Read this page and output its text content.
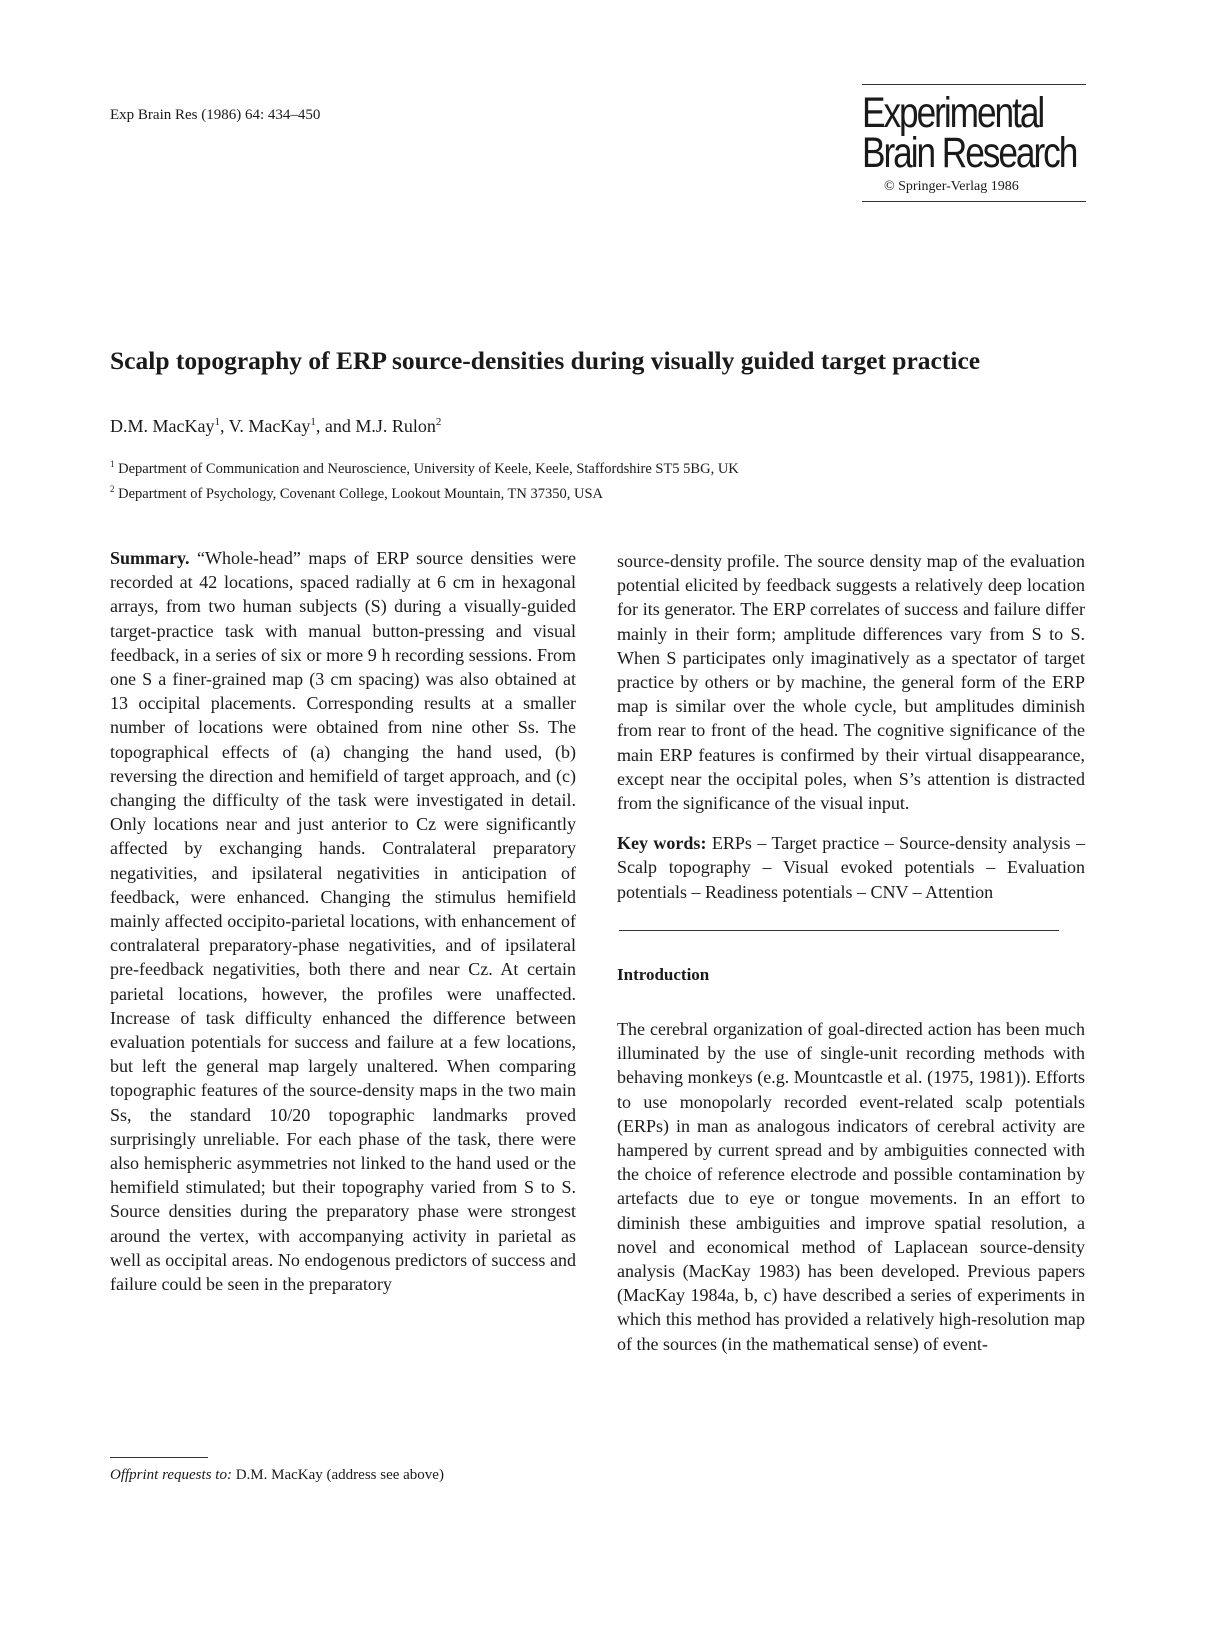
Exp Brain Res (1986) 64: 434–450	Experimental
Brain Research
© Springer-Verlag 1986
Scalp topography of ERP source-densities during visually guided target practice
D.M. MacKay$^1$, V. MacKay$^1$, and M.J. Rulon$^2$
$^1$ Department of Communication and Neuroscience, University of Keele, Keele, Staffordshire ST5 5BG, UK
$^2$ Department of Psychology, Covenant College, Lookout Mountain, TN 37350, USA

Summary. “Whole-head” maps of ERP source densities were recorded at 42 locations, spaced radially at 6 cm in hexagonal arrays, from two human subjects (S) during a visually-guided target-practice task with manual button-pressing and visual feedback, in a series of six or more 9 h recording sessions. From one S a finer-grained map (3 cm spacing) was also obtained at 13 occipital placements. Corresponding results at a smaller number of locations were obtained from nine other Ss. The topographical effects of (a) changing the hand used, (b) reversing the direction and hemifield of target approach, and (c) changing the difficulty of the task were investigated in detail. Only locations near and just anterior to Cz were significantly affected by exchanging hands. Contralateral preparatory negativities, and ipsilateral negativities in anticipation of feedback, were enhanced. Changing the stimulus hemifield mainly affected occipito-parietal locations, with enhancement of contralateral preparatory-phase negativities, and of ipsilateral pre-feedback negativities, both there and near Cz. At certain parietal locations, however, the profiles were unaffected. Increase of task difficulty enhanced the difference between evaluation potentials for success and failure at a few locations, but left the general map largely unaltered. When comparing topographic features of the source-density maps in the two main Ss, the standard 10/20 topographic landmarks proved surprisingly unreliable. For each phase of the task, there were also hemispheric asymmetries not linked to the hand used or the hemifield stimulated; but their topography varied from S to S. Source densities during the preparatory phase were strongest around the vertex, with accompanying activity in parietal as well as occipital areas. No endogenous predictors of success and failure could be seen in the preparatory

source-density profile. The source density map of the evaluation potential elicited by feedback suggests a relatively deep location for its generator. The ERP correlates of success and failure differ mainly in their form; amplitude differences vary from S to S. When S participates only imaginatively as a spectator of target practice by others or by machine, the general form of the ERP map is similar over the whole cycle, but amplitudes diminish from rear to front of the head. The cognitive significance of the main ERP features is confirmed by their virtual disappearance, except near the occipital poles, when S’s attention is distracted from the significance of the visual input.

Key words: ERPs – Target practice – Source-density analysis – Scalp topography – Visual evoked potentials – Evaluation potentials – Readiness potentials – CNV – Attention

Introduction

The cerebral organization of goal-directed action has been much illuminated by the use of single-unit recording methods with behaving monkeys (e.g. Mountcastle et al. (1975, 1981)). Efforts to use monopolarly recorded event-related scalp potentials (ERPs) in man as analogous indicators of cerebral activity are hampered by current spread and by ambiguities connected with the choice of reference electrode and possible contamination by artefacts due to eye or tongue movements. In an effort to diminish these ambiguities and improve spatial resolution, a novel and economical method of Laplacean source-density analysis (MacKay 1983) has been developed. Previous papers (MacKay 1984a, b, c) have described a series of experiments in which this method has provided a relatively high-resolution map of the sources (in the mathematical sense) of event-

Offprint requests to: D.M. MacKay (address see above)
